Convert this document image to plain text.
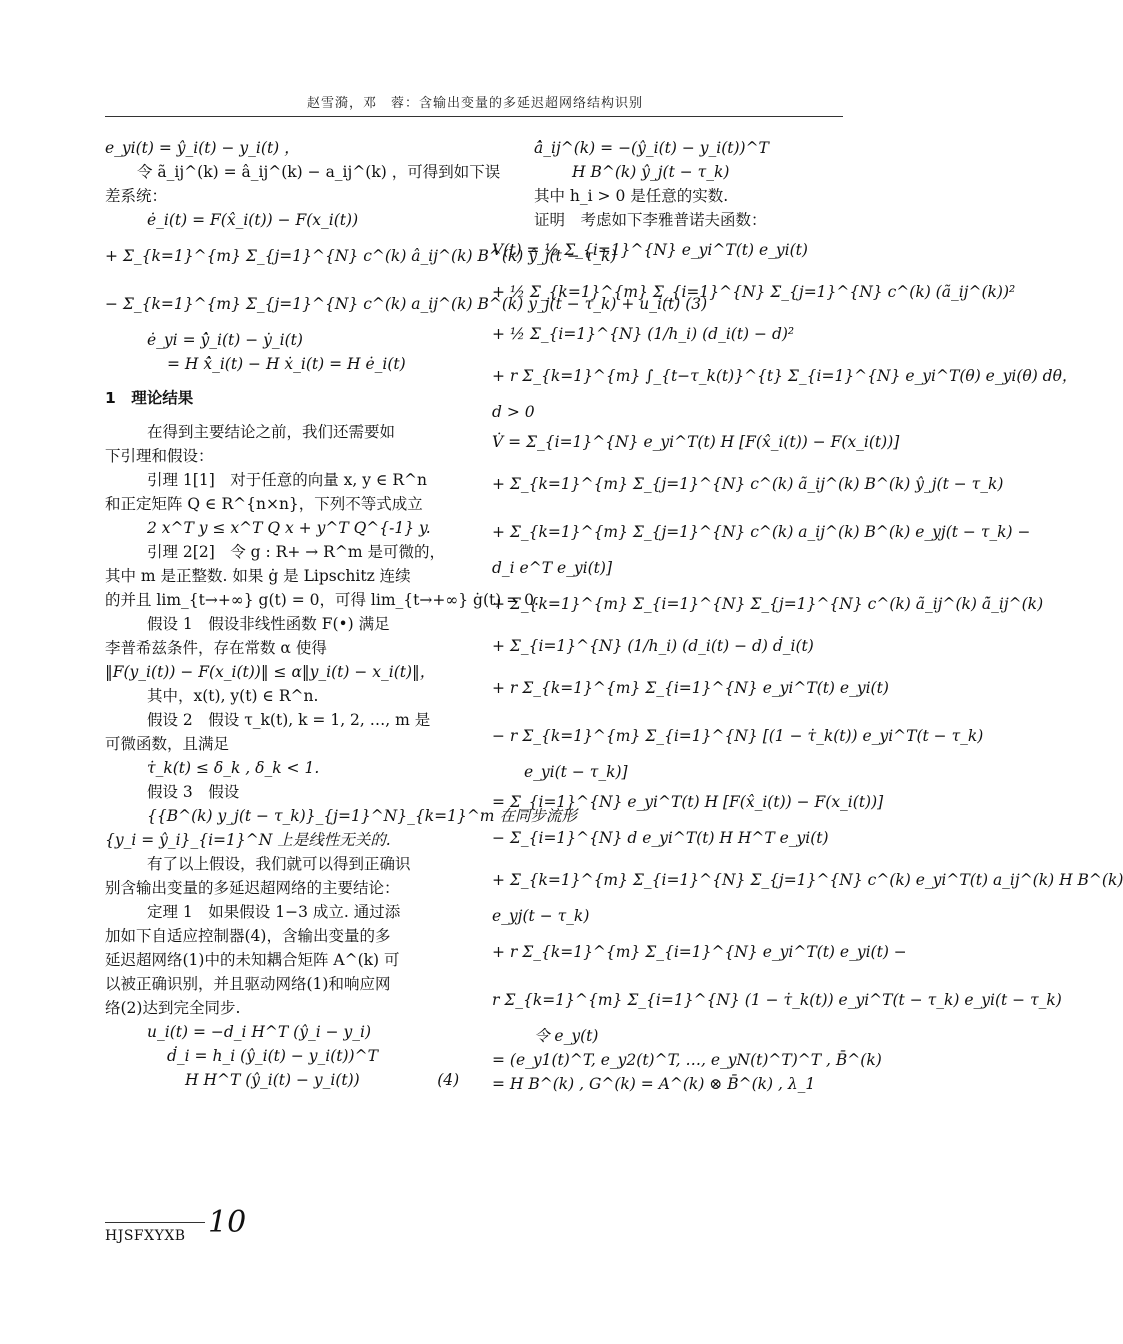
赵雪漪，邓　蓉：含输出变量的多延迟超网络结构识别
e_yi(t) = ŷ_i(t) − y_i(t) ，
令 ã_ij^(k) = â_ij^(k) − a_ij^(k) ，可得到如下误
差系统：
ė_i(t) = F(x̂_i(t)) − F(x_i(t))
+ Σ_{k=1}^{m} Σ_{j=1}^{N} c^(k) â_ij^(k) B^(k) ŷ_j(t − τ_k)
− Σ_{k=1}^{m} Σ_{j=1}^{N} c^(k) a_ij^(k) B^(k) y_j(t − τ_k) + u_i(t) (3)
ė_yi = ẏ̂_i(t) − ẏ_i(t)
= H ẋ̂_i(t) − H ẋ_i(t) = H ė_i(t)
1　理论结果
在得到主要结论之前，我们还需要如
下引理和假设：
引理 1[1]　对于任意的向量 x, y ∈ R^n
和正定矩阵 Q ∈ R^{n×n}，下列不等式成立
2 x^T y ≤ x^T Q x + y^T Q^{-1} y.
引理 2[2]　令 g : R+ → R^m 是可微的，
其中 m 是正整数. 如果 ġ 是 Lipschitz 连续
的并且 lim_{t→+∞} g(t) = 0，可得 lim_{t→+∞} ġ(t) = 0.
假设 1　假设非线性函数 F(•) 满足
李普希兹条件，存在常数 α 使得
‖F(y_i(t)) − F(x_i(t))‖ ≤ α‖y_i(t) − x_i(t)‖，
其中，x(t), y(t) ∈ R^n.
假设 2　假设 τ_k(t), k = 1, 2, …, m 是
可微函数，且满足
τ̇_k(t) ≤ δ_k , δ_k < 1.
假设 3　假设
{{B^(k) y_j(t − τ_k)}_{j=1}^N}_{k=1}^m 在同步流形
{y_i = ŷ_i}_{i=1}^N 上是线性无关的.
有了以上假设，我们就可以得到正确识
别含输出变量的多延迟超网络的主要结论：
定理 1　如果假设 1−3 成立. 通过添
加如下自适应控制器(4)，含输出变量的多
延迟超网络(1)中的未知耦合矩阵 A^(k) 可
以被正确识别，并且驱动网络(1)和响应网
络(2)达到完全同步.
u_i(t) = −d_i H^T (ŷ_i − y_i)
ḋ_i = h_i (ŷ_i(t) − y_i(t))^T
H H^T (ŷ_i(t) − y_i(t))　　　　　(4)
â̇_ij^(k) = −(ŷ_i(t) − y_i(t))^T
H B^(k) ŷ_j(t − τ_k)
其中 h_i > 0 是任意的实数.
证明　考虑如下李雅普诺夫函数：
V(t) = ½ Σ_{i=1}^{N} e_yi^T(t) e_yi(t)
+ ½ Σ_{k=1}^{m} Σ_{i=1}^{N} Σ_{j=1}^{N} c^(k) (ã_ij^(k))²
+ ½ Σ_{i=1}^{N} (1/h_i) (d_i(t) − d)²
+ r Σ_{k=1}^{m} ∫_{t−τ_k(t)}^{t} Σ_{i=1}^{N} e_yi^T(θ) e_yi(θ) dθ，
d > 0
V̇ = Σ_{i=1}^{N} e_yi^T(t) H [F(x̂_i(t)) − F(x_i(t))]
+ Σ_{k=1}^{m} Σ_{j=1}^{N} c^(k) ã_ij^(k) B^(k) ŷ_j(t − τ_k)
+ Σ_{k=1}^{m} Σ_{j=1}^{N} c^(k) a_ij^(k) B^(k) e_yj(t − τ_k) −
d_i e^T e_yi(t)]
+ Σ_{k=1}^{m} Σ_{i=1}^{N} Σ_{j=1}^{N} c^(k) ã_ij^(k) ã̇_ij^(k)
+ Σ_{i=1}^{N} (1/h_i) (d_i(t) − d) ḋ_i(t)
+ r Σ_{k=1}^{m} Σ_{i=1}^{N} e_yi^T(t) e_yi(t)
− r Σ_{k=1}^{m} Σ_{i=1}^{N} [(1 − τ̇_k(t)) e_yi^T(t − τ_k)
e_yi(t − τ_k)]
= Σ_{i=1}^{N} e_yi^T(t) H [F(x̂_i(t)) − F(x_i(t))]
− Σ_{i=1}^{N} d e_yi^T(t) H H^T e_yi(t)
+ Σ_{k=1}^{m} Σ_{i=1}^{N} Σ_{j=1}^{N} c^(k) e_yi^T(t) a_ij^(k) H B^(k)
e_yj(t − τ_k)
+ r Σ_{k=1}^{m} Σ_{i=1}^{N} e_yi^T(t) e_yi(t) −
r Σ_{k=1}^{m} Σ_{i=1}^{N} (1 − τ̇_k(t)) e_yi^T(t − τ_k) e_yi(t − τ_k)
令 e_y(t)
= (e_y1(t)^T, e_y2(t)^T, …, e_yN(t)^T)^T , B̄^(k)
= H B^(k) , G^(k) = A^(k) ⊗ B̄^(k) , λ_1
HJSFXYXB 10
